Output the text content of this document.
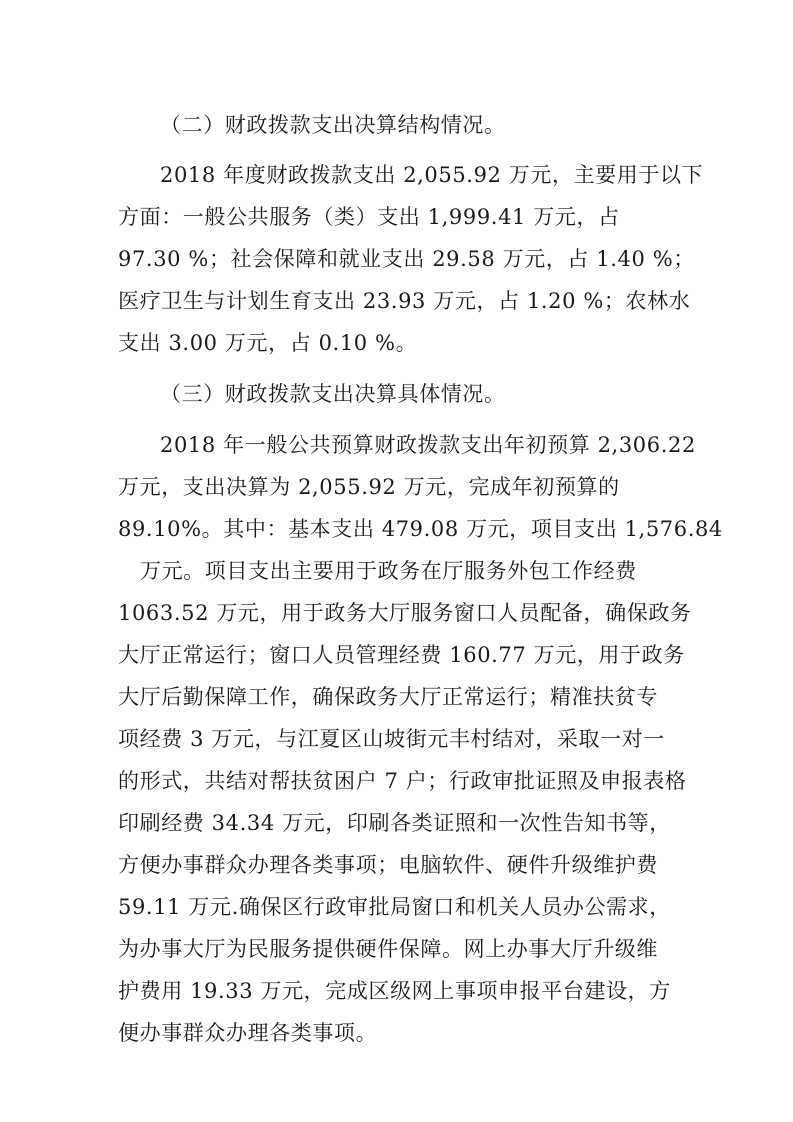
（二）财政拨款支出决算结构情况。
2018 年度财政拨款支出 2,055.92 万元，主要用于以下
方面：一般公共服务（类）支出 1,999.41 万元，占
97.30 %；社会保障和就业支出 29.58 万元，占 1.40 %；
医疗卫生与计划生育支出 23.93 万元，占 1.20 %；农林水
支出 3.00 万元，占 0.10 %。
（三）财政拨款支出决算具体情况。
2018 年一般公共预算财政拨款支出年初预算 2,306.22
万元，支出决算为 2,055.92 万元，完成年初预算的
89.10%。其中：基本支出 479.08 万元，项目支出 1,576.84
万元。项目支出主要用于政务在厅服务外包工作经费
1063.52 万元，用于政务大厅服务窗口人员配备，确保政务
大厅正常运行；窗口人员管理经费 160.77 万元，用于政务
大厅后勤保障工作，确保政务大厅正常运行；精准扶贫专
项经费 3 万元，与江夏区山坡街元丰村结对，采取一对一
的形式，共结对帮扶贫困户 7 户；行政审批证照及申报表格
印刷经费 34.34 万元，印刷各类证照和一次性告知书等，
方便办事群众办理各类事项；电脑软件、硬件升级维护费
59.11 万元.确保区行政审批局窗口和机关人员办公需求，
为办事大厅为民服务提供硬件保障。网上办事大厅升级维
护费用 19.33 万元，完成区级网上事项申报平台建设，方
便办事群众办理各类事项。
